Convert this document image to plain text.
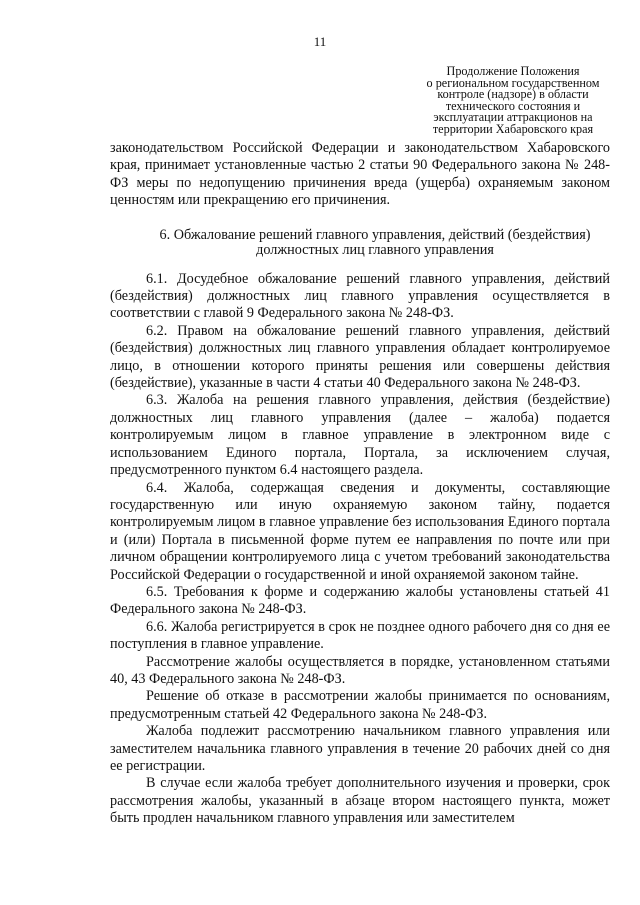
11
Продолжение Положения
о региональном государственном
контроле (надзоре) в области
технического состояния и
эксплуатации аттракционов на
территории Хабаровского края

законодательством Российской Федерации и законодательством Хабаровского края, принимает установленные частью 2 статьи 90 Федерального закона № 248-ФЗ меры по недопущению причинения вреда (ущерба) охраняемым законом ценностям или прекращению его причинения.

6. Обжалование решений главного управления, действий (бездействия) должностных лиц главного управления

6.1. Досудебное обжалование решений главного управления, действий (бездействия) должностных лиц главного управления осуществляется в соответствии с главой 9 Федерального закона № 248-ФЗ.

6.2. Правом на обжалование решений главного управления, действий (бездействия) должностных лиц главного управления обладает контролируемое лицо, в отношении которого приняты решения или совершены действия (бездействие), указанные в части 4 статьи 40 Федерального закона № 248-ФЗ.

6.3. Жалоба на решения главного управления, действия (бездействие) должностных лиц главного управления (далее – жалоба) подается контролируемым лицом в главное управление в электронном виде с использованием Единого портала, Портала, за исключением случая, предусмотренного пунктом 6.4 настоящего раздела.

6.4. Жалоба, содержащая сведения и документы, составляющие государственную или иную охраняемую законом тайну, подается контролируемым лицом в главное управление без использования Единого портала и (или) Портала в письменной форме путем ее направления по почте или при личном обращении контролируемого лица с учетом требований законодательства Российской Федерации о государственной и иной охраняемой законом тайне.

6.5. Требования к форме и содержанию жалобы установлены статьей 41 Федерального закона № 248-ФЗ.

6.6. Жалоба регистрируется в срок не позднее одного рабочего дня со дня ее поступления в главное управление.

Рассмотрение жалобы осуществляется в порядке, установленном статьями 40, 43 Федерального закона № 248-ФЗ.

Решение об отказе в рассмотрении жалобы принимается по основаниям, предусмотренным статьей 42 Федерального закона № 248-ФЗ.

Жалоба подлежит рассмотрению начальником главного управления или заместителем начальника главного управления в течение 20 рабочих дней со дня ее регистрации.

В случае если жалоба требует дополнительного изучения и проверки, срок рассмотрения жалобы, указанный в абзаце втором настоящего пункта, может быть продлен начальником главного управления или заместителем
